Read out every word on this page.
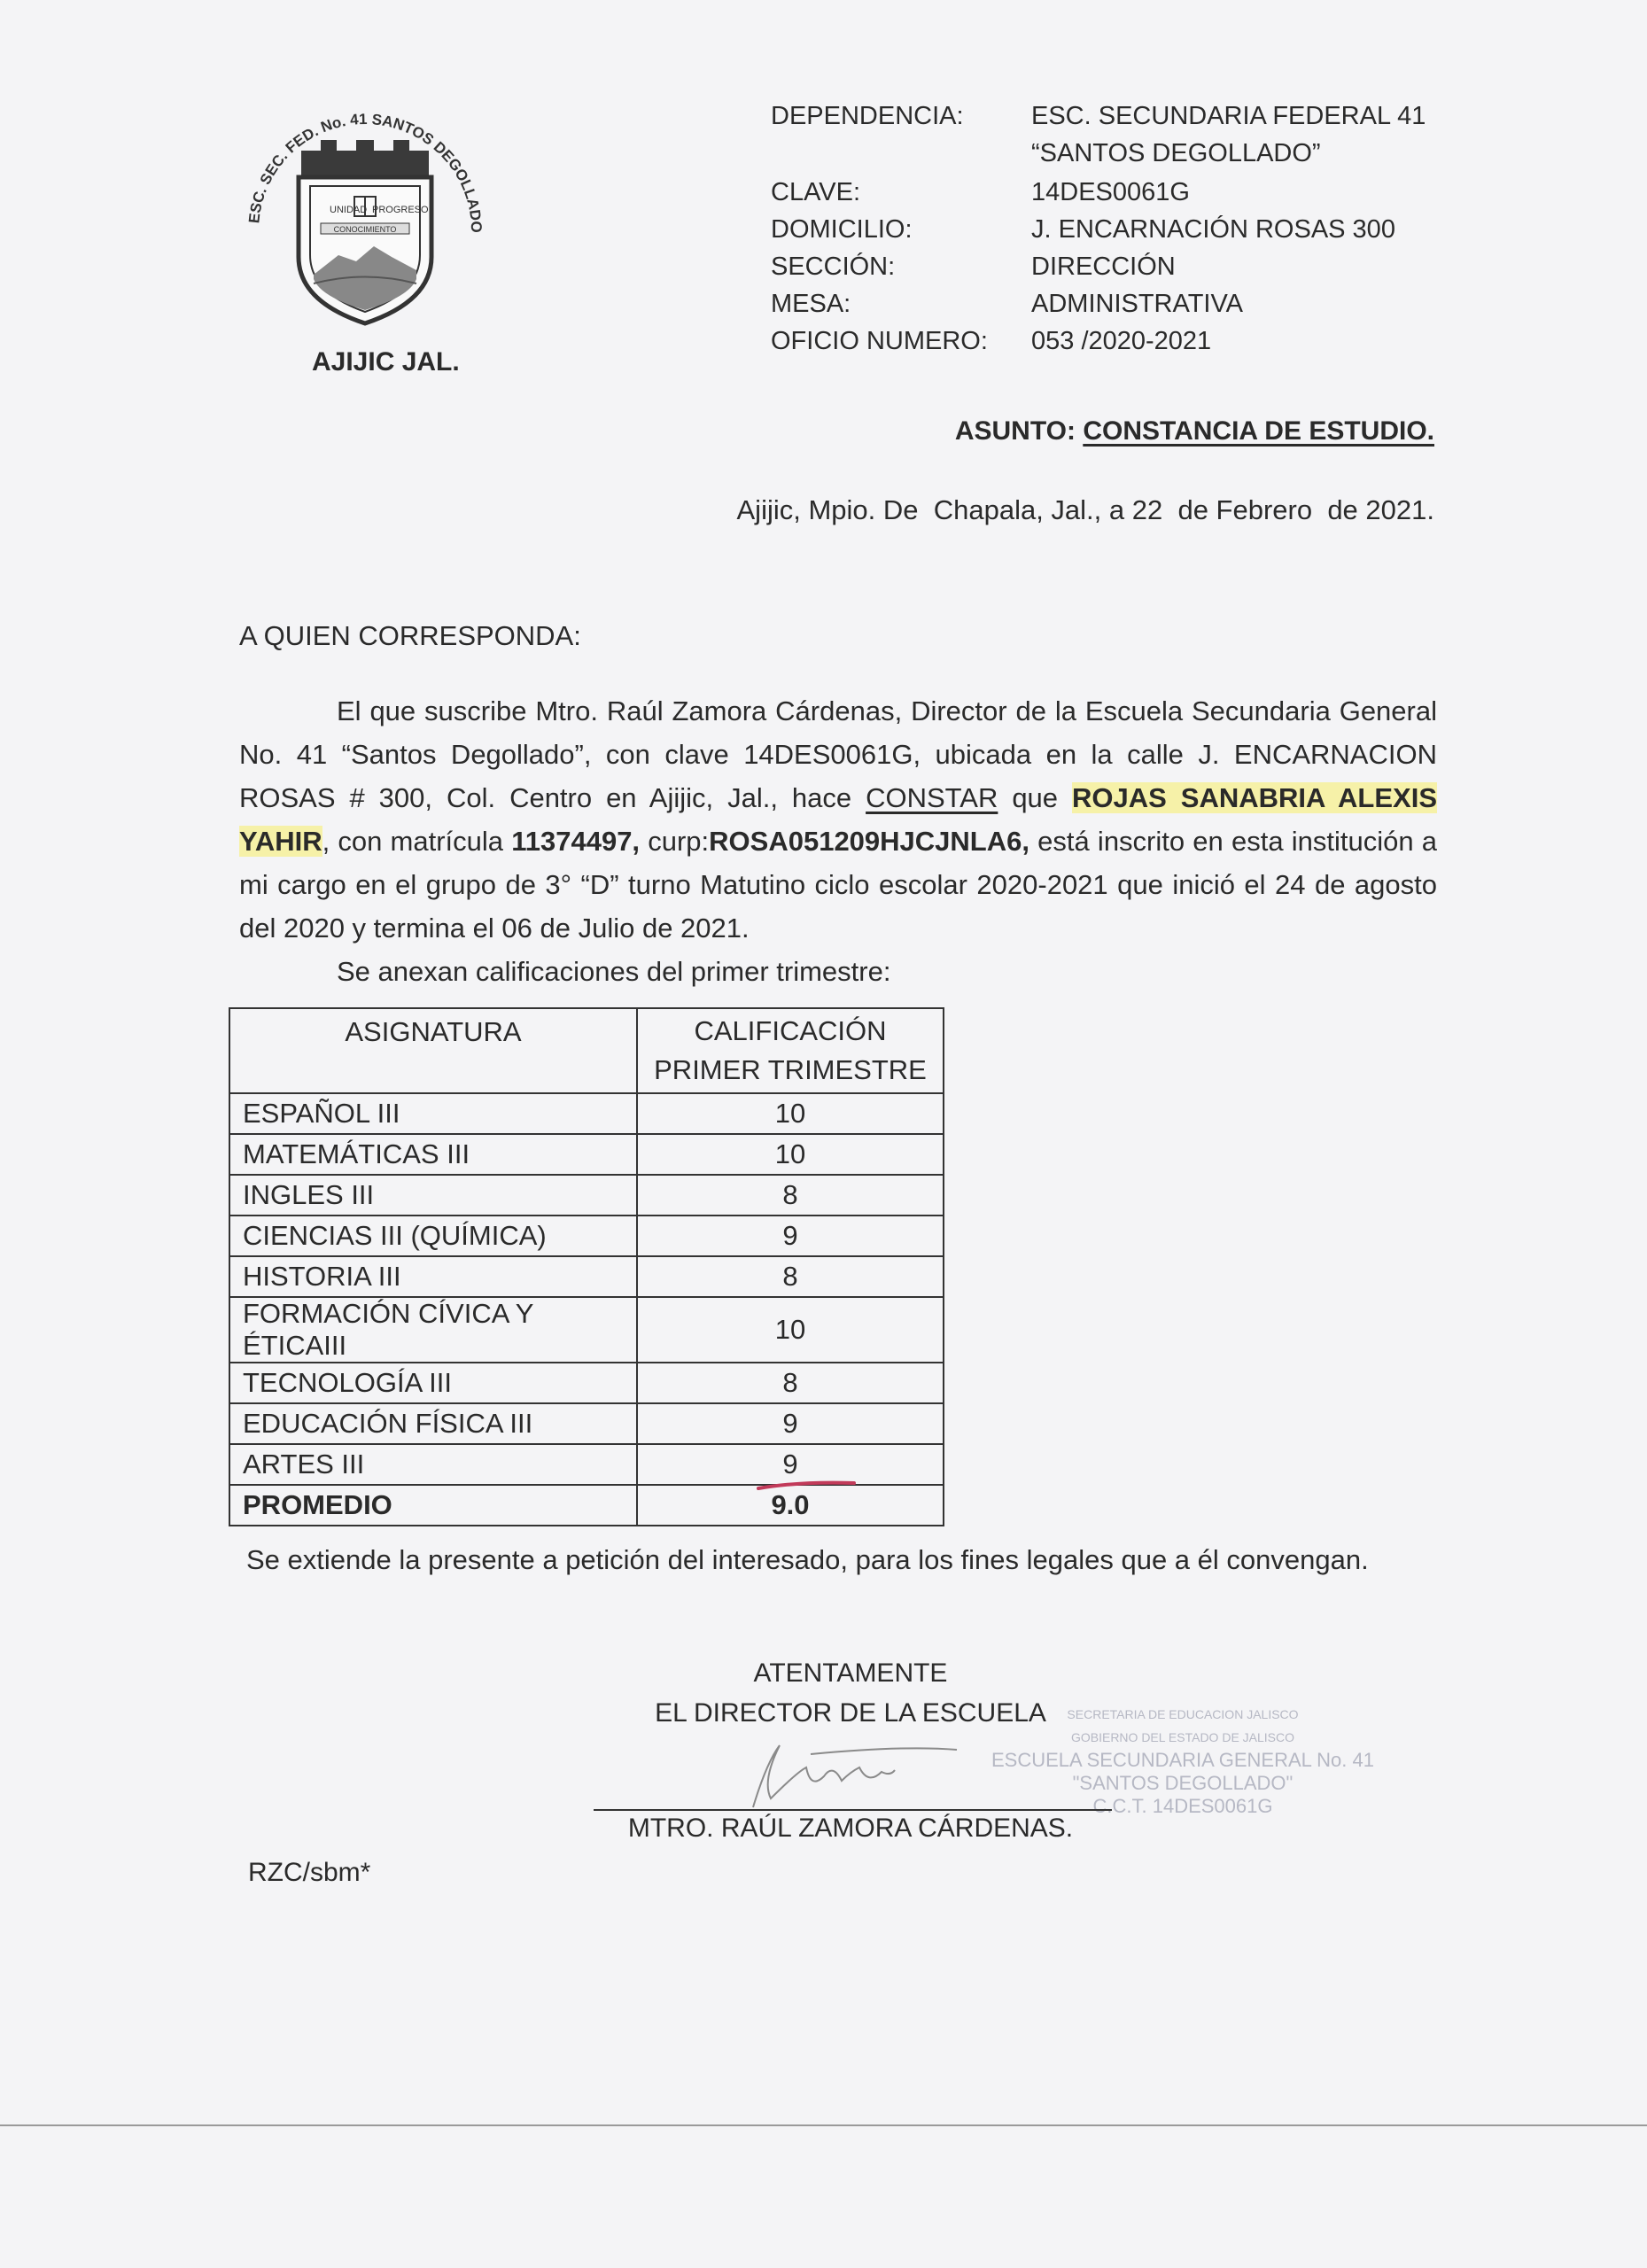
ESC. SEC. FED. No. 41 SANTOS DEGOLLADO
UNIDAD PROGRESO
CONOCIMIENTO
AJIJIC JAL.
DEPENDENCIA:	ESC. SECUNDARIA FEDERAL 41
“SANTOS DEGOLLADO”
CLAVE:	14DES0061G
DOMICILIO:	J. ENCARNACIÓN ROSAS 300
SECCIÓN:	DIRECCIÓN
MESA:	ADMINISTRATIVA
OFICIO NUMERO:	053 /2020-2021
ASUNTO: CONSTANCIA DE ESTUDIO.
Ajijic, Mpio. De  Chapala, Jal., a 22  de Febrero  de 2021.
A QUIEN CORRESPONDA:

El que suscribe Mtro. Raúl Zamora Cárdenas, Director de la Escuela Secundaria General No. 41 “Santos Degollado”, con clave 14DES0061G, ubicada en la calle J. ENCARNACION ROSAS # 300, Col. Centro en Ajijic, Jal., hace CONSTAR que ROJAS SANABRIA ALEXIS YAHIR, con matrícula 11374497, curp:ROSA051209HJCJNLA6, está inscrito en esta institución a mi cargo en el grupo de 3° “D” turno Matutino ciclo escolar 2020-2021 que inició el 24 de agosto del 2020 y termina el 06 de Julio de 2021.

Se anexan calificaciones del primer trimestre:

ASIGNATURA	CALIFICACIÓN
PRIMER TRIMESTRE

ESPAÑOL III	10
MATEMÁTICAS III	10
INGLES III	8
CIENCIAS III (QUÍMICA)	9
HISTORIA III	8
FORMACIÓN CÍVICA Y ÉTICAIII	10
TECNOLOGÍA III	8
EDUCACIÓN FÍSICA III	9
ARTES III	9
PROMEDIO	9.0
Se extiende la presente a petición del interesado, para los fines legales que a él convengan.
ATENTAMENTE
EL DIRECTOR DE LA ESCUELA	SECRETARIA DE EDUCACION JALISCO
GOBIERNO DEL ESTADO DE JALISCO
ESCUELA SECUNDARIA GENERAL No. 41
"SANTOS DEGOLLADO"
C.C.T. 14DES0061G
MTRO. RAÚL ZAMORA CÁRDENAS.
RZC/sbm*
